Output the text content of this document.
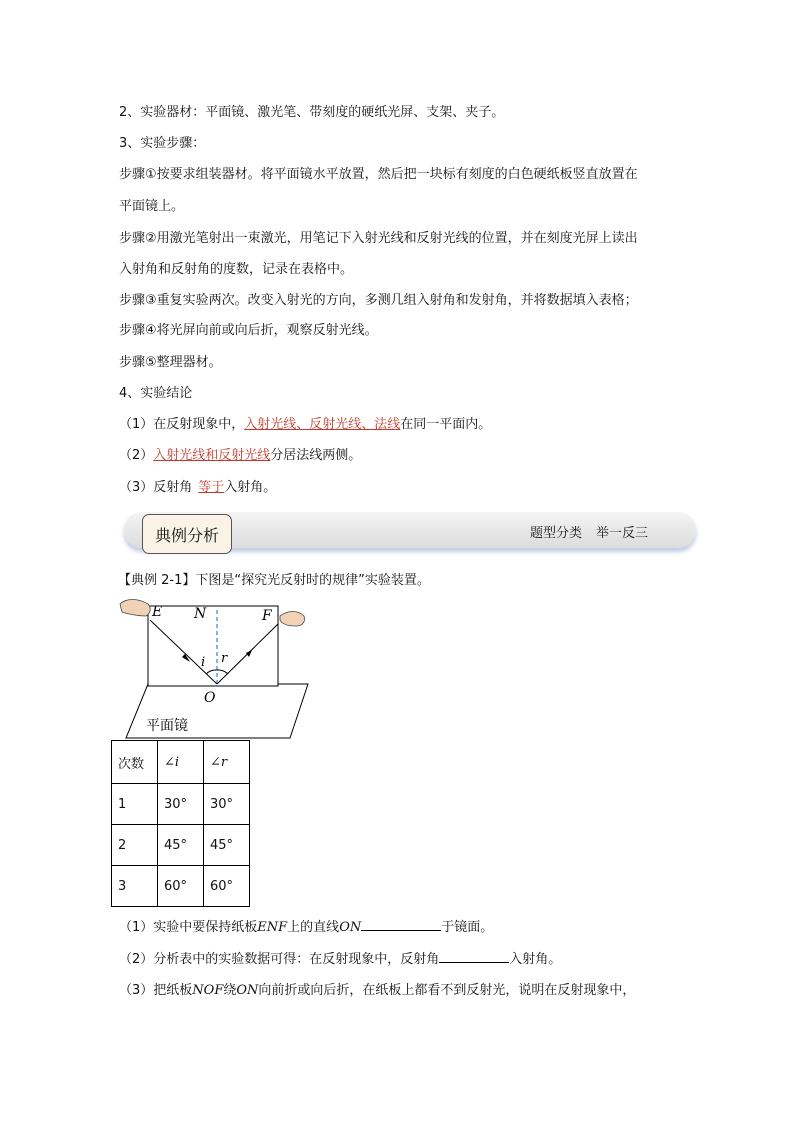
2、实验器材：平面镜、激光笔、带刻度的硬纸光屏、支架、夹子。
3、实验步骤：
步骤①按要求组装器材。将平面镜水平放置，然后把一块标有刻度的白色硬纸板竖直放置在
平面镜上。
步骤②用激光笔射出一束激光，用笔记下入射光线和反射光线的位置，并在刻度光屏上读出
入射角和反射角的度数，记录在表格中。
步骤③重复实验两次。改变入射光的方向，多测几组入射角和发射角，并将数据填入表格；
步骤④将光屏向前或向后折，观察反射光线。
步骤⑤整理器材。
4、实验结论
（1）在反射现象中，入射光线、反射光线、法线在同一平面内。
（2）入射光线和反射光线分居法线两侧。
（3）反射角 等于入射角。
典例分析	题型分类 举一反三
【典例 2-1】下图是“探究光反射时的规律”实验装置。
E N	F
i r
O
平面镜
次数	∠i	∠r
1	30°	30°
2	45°	45°
3	60°	60°
（1）实验中要保持纸板ENF上的直线ON	于镜面。
（2）分析表中的实验数据可得：在反射现象中，反射角	入射角。
（3）把纸板NOF绕ON向前折或向后折，在纸板上都看不到反射光，说明在反射现象中，
